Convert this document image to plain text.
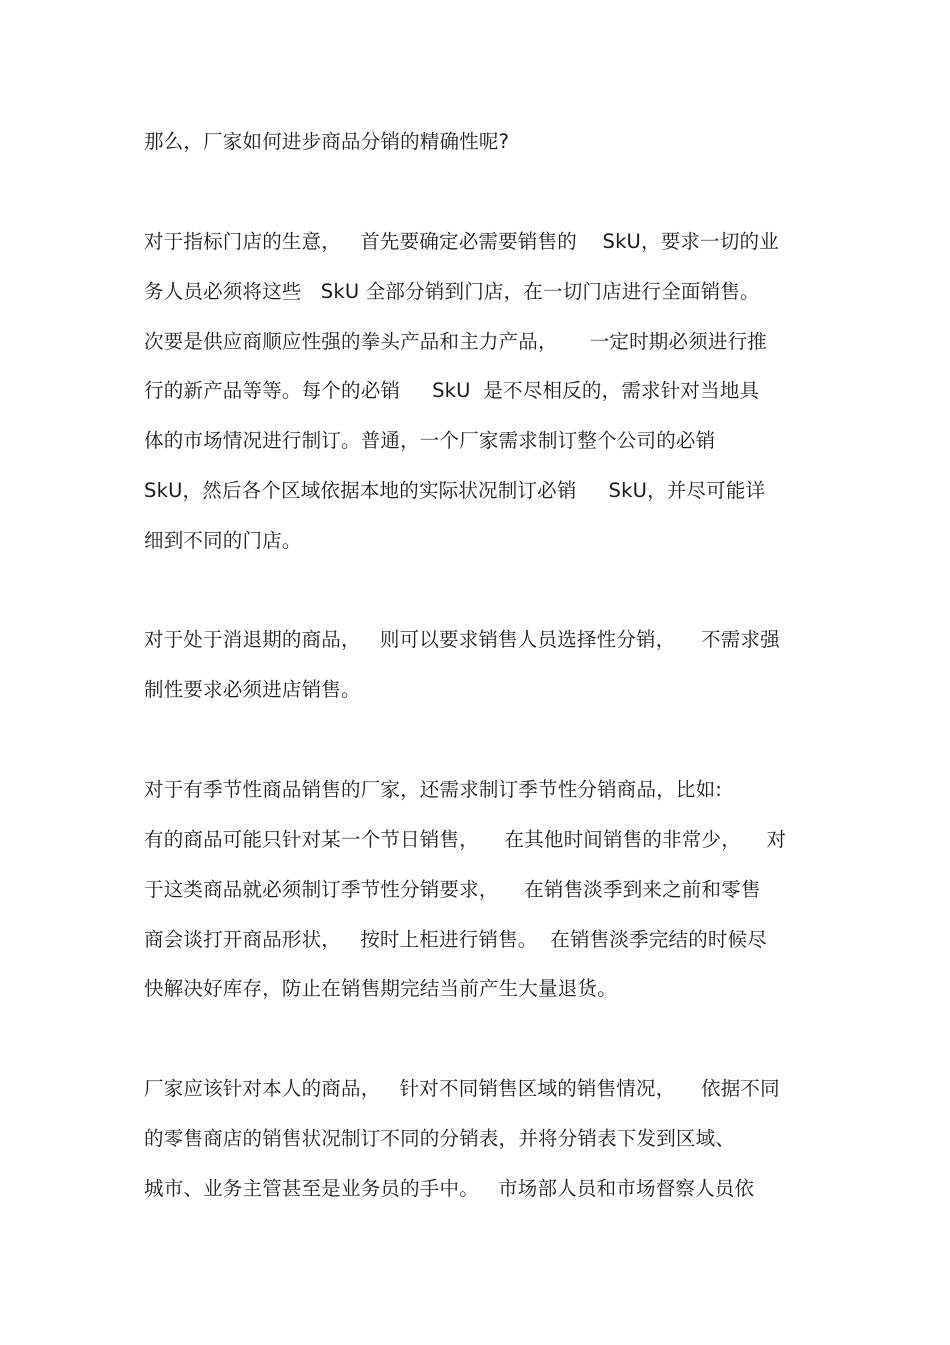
那么，厂家如何进步商品分销的精确性呢?
对于指标门店的生意，   首先要确定必需要销售的    SkU，要求一切的业
务人员必须将这些   SkU 全部分销到门店，在一切门店进行全面销售。
次要是供应商顺应性强的拳头产品和主力产品，     一定时期必须进行推
行的新产品等等。每个的必销     SkU  是不尽相反的，需求针对当地具
体的市场情况进行制订。普通，一个厂家需求制订整个公司的必销
SkU，然后各个区域依据本地的实际状况制订必销     SkU，并尽可能详
细到不同的门店。
对于处于消退期的商品，   则可以要求销售人员选择性分销，    不需求强
制性要求必须进店销售。
对于有季节性商品销售的厂家，还需求制订季节性分销商品，比如:
有的商品可能只针对某一个节日销售，    在其他时间销售的非常少，    对
于这类商品就必须制订季节性分销要求，    在销售淡季到来之前和零售
商会谈打开商品形状，   按时上柜进行销售。  在销售淡季完结的时候尽
快解决好库存，防止在销售期完结当前产生大量退货。
厂家应该针对本人的商品，   针对不同销售区域的销售情况，    依据不同
的零售商店的销售状况制订不同的分销表，并将分销表下发到区域、
城市、业务主管甚至是业务员的手中。   市场部人员和市场督察人员依
